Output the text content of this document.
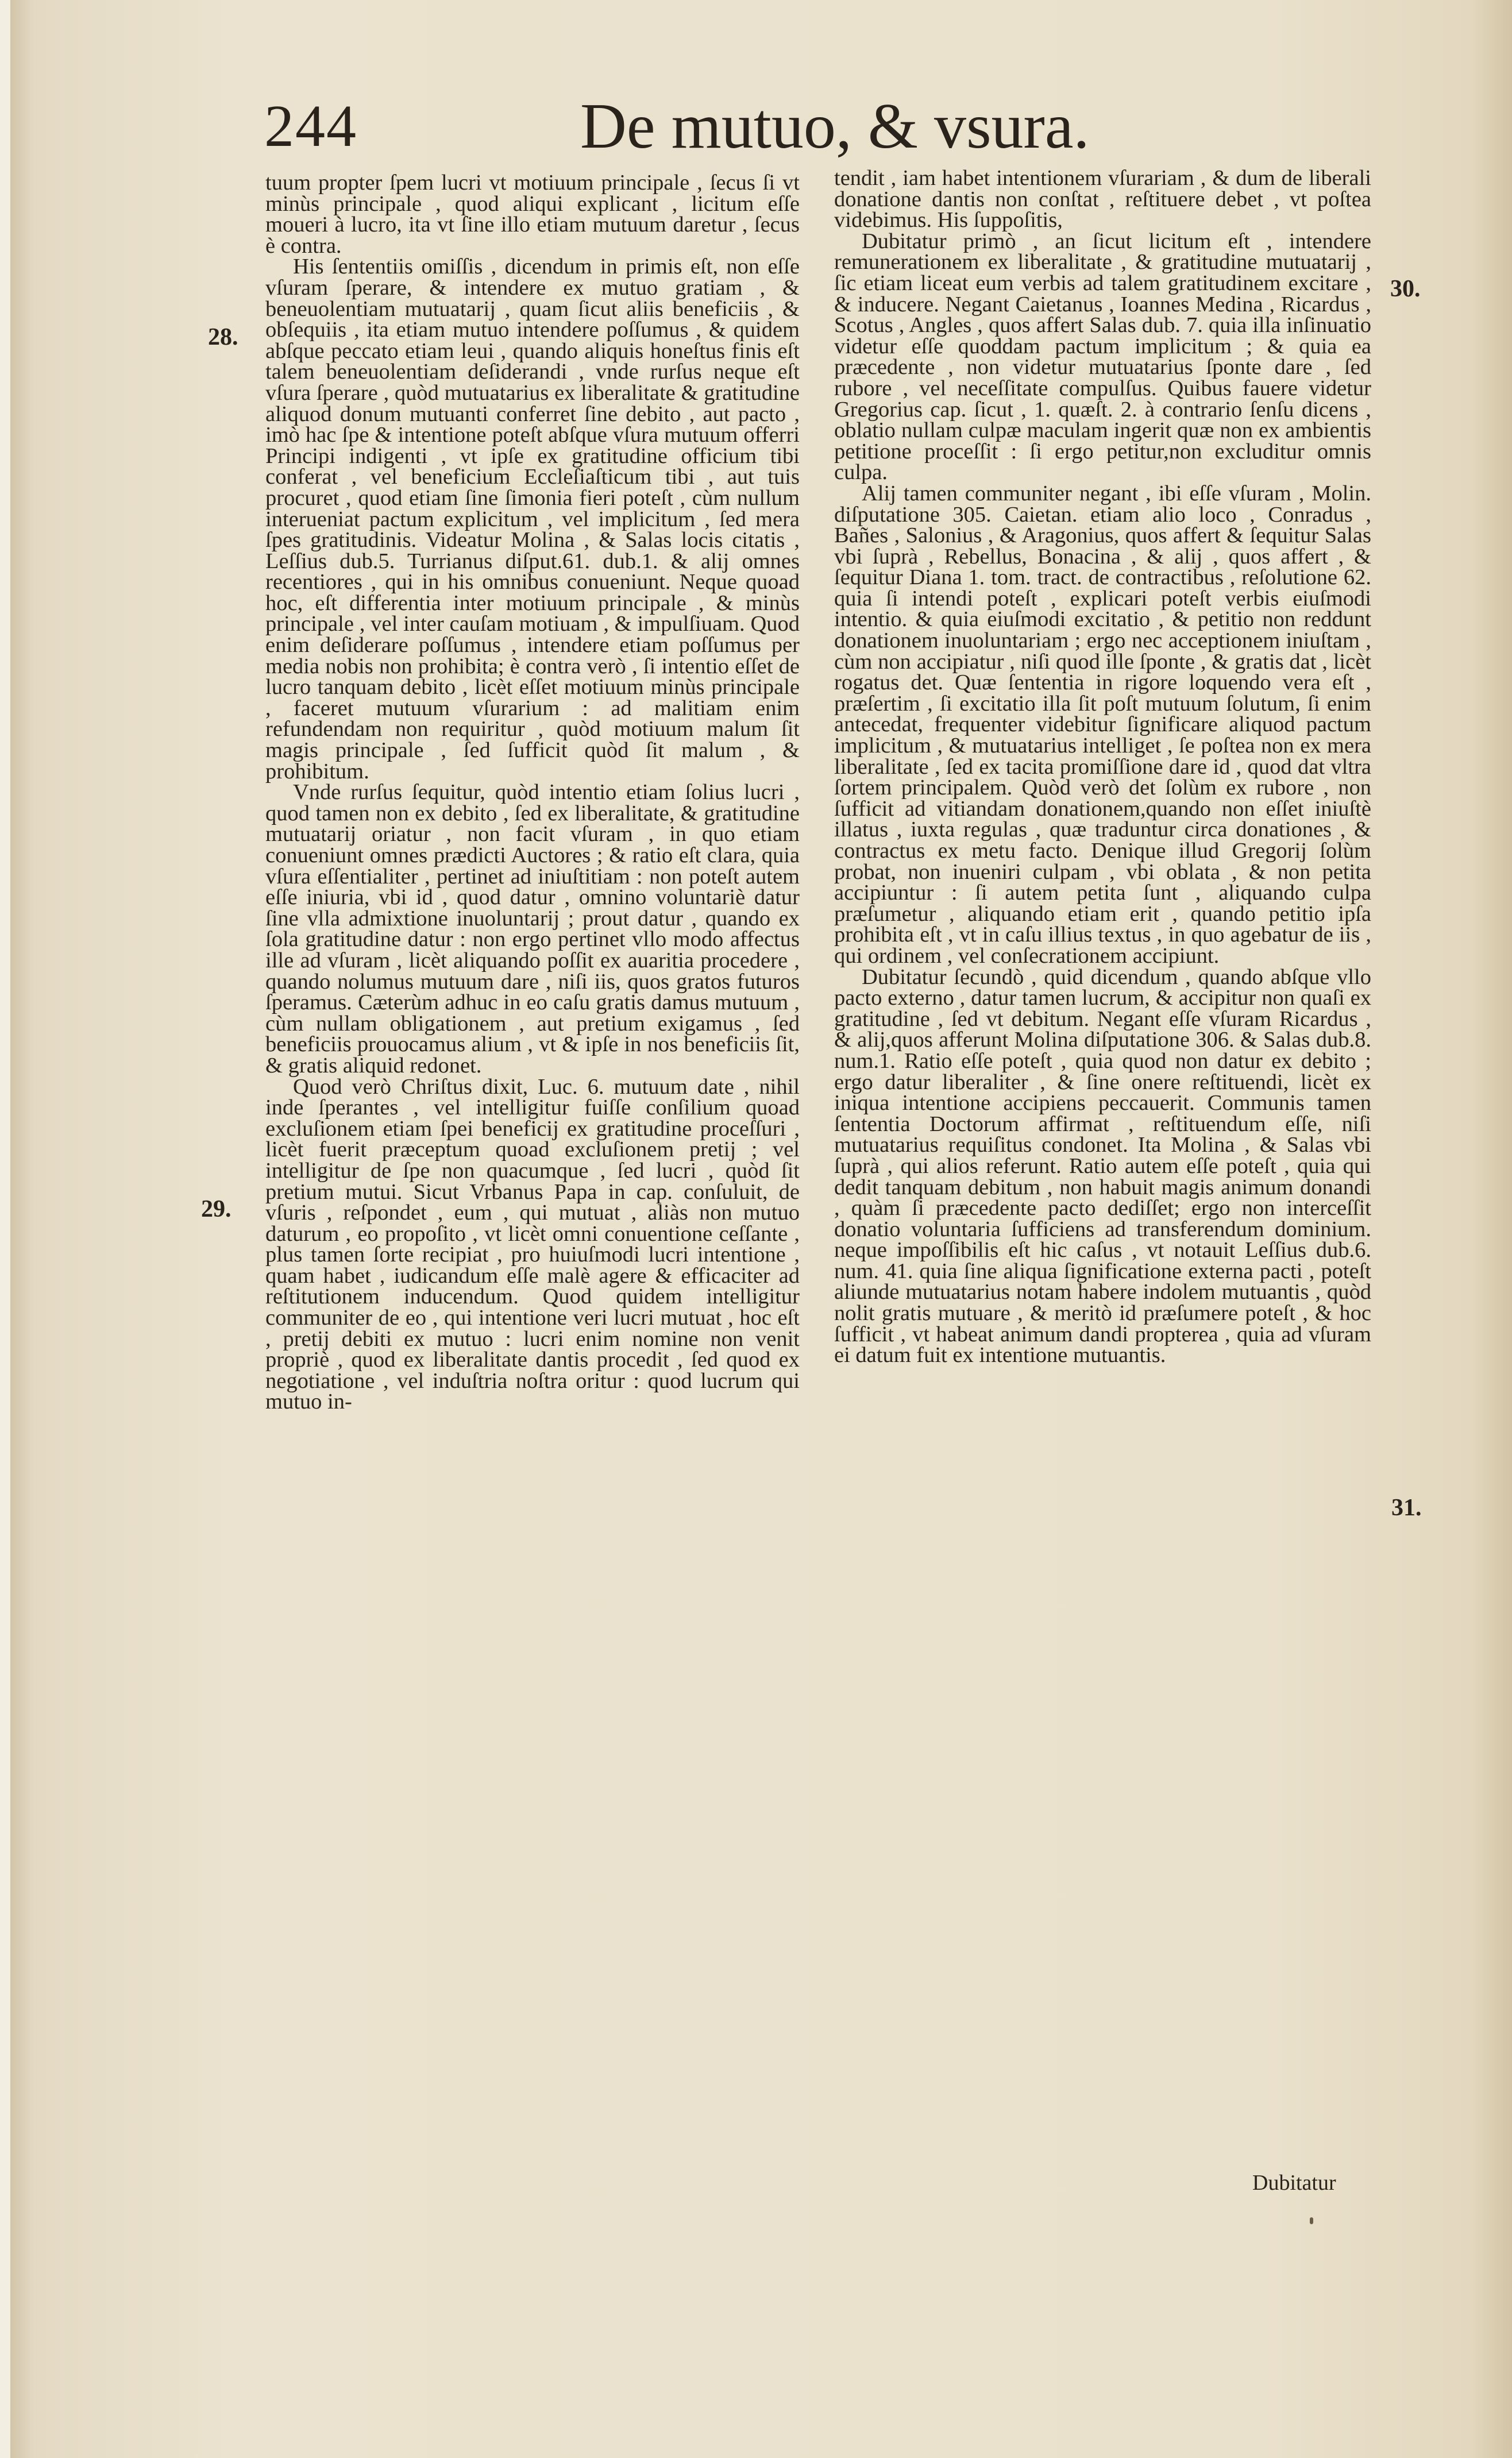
244	De mutuo, & vsura.
28.
29.
30.
31.

tuum propter ſpem lucri vt motiuum principale , ſecus ſi vt minùs principale , quod aliqui explicant , licitum eſſe moueri à lucro, ita vt ſine illo etiam mutuum daretur , ſecus è contra.

His ſententiis omiſſis , dicendum in primis eſt, non eſſe vſuram ſperare, & intendere ex mutuo gratiam , & beneuolentiam mutuatarij , quam ſicut aliis beneficiis , & obſequiis , ita etiam mutuo intendere poſſumus , & quidem abſque peccato etiam leui , quando aliquis honeſtus finis eſt talem beneuolentiam deſiderandi , vnde rurſus neque eſt vſura ſperare , quòd mutuatarius ex liberalitate & gratitudine aliquod donum mutuanti conferret ſine debito , aut pacto , imò hac ſpe & intentione poteſt abſque vſura mutuum offerri Principi indigenti , vt ipſe ex gratitudine officium tibi conferat , vel beneficium Eccleſiaſticum tibi , aut tuis procuret , quod etiam ſine ſimonia fieri poteſt , cùm nullum interueniat pactum explicitum , vel implicitum , ſed mera ſpes gratitudinis. Videatur Molina , & Salas locis citatis , Leſſius dub.5. Turrianus diſput.61. dub.1. & alij omnes recentiores , qui in his omnibus conueniunt. Neque quoad hoc, eſt differentia inter motiuum principale , & minùs principale , vel inter cauſam motiuam , & impulſiuam. Quod enim deſiderare poſſumus , intendere etiam poſſumus per media nobis non prohibita; è contra verò , ſi intentio eſſet de lucro tanquam debito , licèt eſſet motiuum minùs principale , faceret mutuum vſurarium : ad malitiam enim refundendam non requiritur , quòd motiuum malum ſit magis principale , ſed ſufficit quòd ſit malum , & prohibitum.

Vnde rurſus ſequitur, quòd intentio etiam ſolius lucri , quod tamen non ex debito , ſed ex liberalitate, & gratitudine mutuatarij oriatur , non facit vſuram , in quo etiam conueniunt omnes prædicti Auctores ; & ratio eſt clara, quia vſura eſſentialiter , pertinet ad iniuſtitiam : non poteſt autem eſſe iniuria, vbi id , quod datur , omnino voluntariè datur ſine vlla admixtione inuoluntarij ; prout datur , quando ex ſola gratitudine datur : non ergo pertinet vllo modo affectus ille ad vſuram , licèt aliquando poſſit ex auaritia procedere , quando nolumus mutuum dare , niſi iis, quos gratos futuros ſperamus. Cæterùm adhuc in eo caſu gratis damus mutuum , cùm nullam obligationem , aut pretium exigamus , ſed beneficiis prouocamus alium , vt & ipſe in nos beneficiis ſit, & gratis aliquid redonet.

Quod verò Chriſtus dixit, Luc. 6. mutuum date , nihil inde ſperantes , vel intelligitur fuiſſe conſilium quoad excluſionem etiam ſpei beneficij ex gratitudine proceſſuri , licèt fuerit præceptum quoad excluſionem pretij ; vel intelligitur de ſpe non quacumque , ſed lucri , quòd ſit pretium mutui. Sicut Vrbanus Papa in cap. conſuluit, de vſuris , reſpondet , eum , qui mutuat , aliàs non mutuo daturum , eo propoſito , vt licèt omni conuentione ceſſante , plus tamen ſorte recipiat , pro huiuſmodi lucri intentione , quam habet , iudicandum eſſe malè agere & efficaciter ad reſtitutionem inducendum. Quod quidem intelligitur communiter de eo , qui intentione veri lucri mutuat , hoc eſt , pretij debiti ex mutuo : lucri enim nomine non venit propriè , quod ex liberalitate dantis procedit , ſed quod ex negotiatione , vel induſtria noſtra oritur : quod lucrum qui mutuo in-

tendit , iam habet intentionem vſurariam , & dum de liberali donatione dantis non conſtat , reſtituere debet , vt poſtea videbimus. His ſuppoſitis,

Dubitatur primò , an ſicut licitum eſt , intendere remunerationem ex liberalitate , & gratitudine mutuatarij , ſic etiam liceat eum verbis ad talem gratitudinem excitare , & inducere. Negant Caietanus , Ioannes Medina , Ricardus , Scotus , Angles , quos affert Salas dub. 7. quia illa inſinuatio videtur eſſe quoddam pactum implicitum ; & quia ea præcedente , non videtur mutuatarius ſponte dare , ſed rubore , vel neceſſitate compulſus. Quibus fauere videtur Gregorius cap. ſicut , 1. quæſt. 2. à contrario ſenſu dicens , oblatio nullam culpæ maculam ingerit quæ non ex ambientis petitione proceſſit : ſi ergo petitur,non excluditur omnis culpa.

Alij tamen communiter negant , ibi eſſe vſuram , Molin. diſputatione 305. Caietan. etiam alio loco , Conradus , Bañes , Salonius , & Aragonius, quos affert & ſequitur Salas vbi ſuprà , Rebellus, Bonacina , & alij , quos affert , & ſequitur Diana 1. tom. tract. de contractibus , reſolutione 62. quia ſi intendi poteſt , explicari poteſt verbis eiuſmodi intentio. & quia eiuſmodi excitatio , & petitio non reddunt donationem inuoluntariam ; ergo nec acceptionem iniuſtam , cùm non accipiatur , niſi quod ille ſponte , & gratis dat , licèt rogatus det. Quæ ſententia in rigore loquendo vera eſt , præſertim , ſi excitatio illa ſit poſt mutuum ſolutum, ſi enim antecedat, frequenter videbitur ſignificare aliquod pactum implicitum , & mutuatarius intelliget , ſe poſtea non ex mera liberalitate , ſed ex tacita promiſſione dare id , quod dat vltra ſortem principalem. Quòd verò det ſolùm ex rubore , non ſufficit ad vitiandam donationem,quando non eſſet iniuſtè illatus , iuxta regulas , quæ traduntur circa donationes , & contractus ex metu facto. Denique illud Gregorij ſolùm probat, non inueniri culpam , vbi oblata , & non petita accipiuntur : ſi autem petita ſunt , aliquando culpa præſumetur , aliquando etiam erit , quando petitio ipſa prohibita eſt , vt in caſu illius textus , in quo agebatur de iis , qui ordinem , vel conſecrationem accipiunt.

Dubitatur ſecundò , quid dicendum , quando abſque vllo pacto externo , datur tamen lucrum, & accipitur non quaſi ex gratitudine , ſed vt debitum. Negant eſſe vſuram Ricardus , & alij,quos afferunt Molina diſputatione 306. & Salas dub.8. num.1. Ratio eſſe poteſt , quia quod non datur ex debito ; ergo datur liberaliter , & ſine onere reſtituendi, licèt ex iniqua intentione accipiens peccauerit. Communis tamen ſententia Doctorum affirmat , reſtituendum eſſe, niſi mutuatarius requiſitus condonet. Ita Molina , & Salas vbi ſuprà , qui alios referunt. Ratio autem eſſe poteſt , quia qui dedit tanquam debitum , non habuit magis animum donandi , quàm ſi præcedente pacto dediſſet; ergo non interceſſit donatio voluntaria ſufficiens ad transferendum dominium. neque impoſſibilis eſt hic caſus , vt notauit Leſſius dub.6. num. 41. quia ſine aliqua ſignificatione externa pacti , poteſt aliunde mutuatarius notam habere indolem mutuantis , quòd nolit gratis mutuare , & meritò id præſumere poteſt , & hoc ſufficit , vt habeat animum dandi propterea , quia ad vſuram ei datum fuit ex intentione mutuantis.

Dubitatur
